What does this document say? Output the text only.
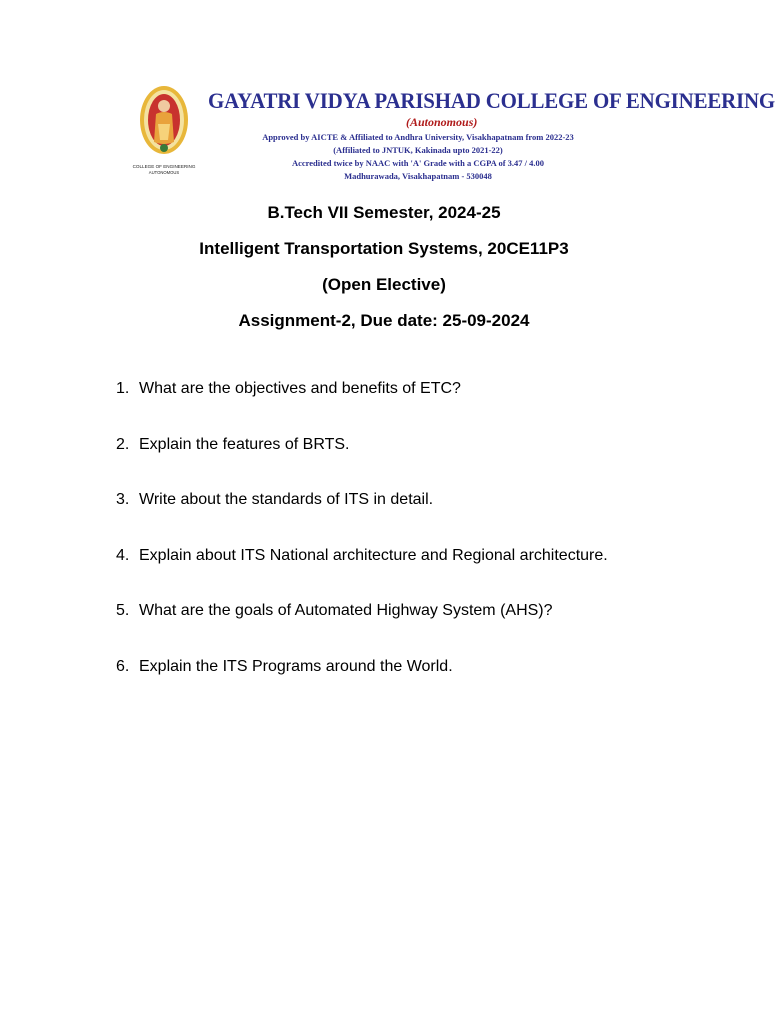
COLLEGE OF ENGINEERING
AUTONOMOUS
GAYATRI VIDYA PARISHAD COLLEGE OF ENGINEERING
(Autonomous)
Approved by AICTE & Affiliated to Andhra University, Visakhapatnam from 2022-23
(Affiliated to JNTUK, Kakinada upto 2021-22)
Accredited twice by NAAC with 'A' Grade with a CGPA of 3.47 / 4.00
Madhurawada, Visakhapatnam - 530048
B.Tech VII Semester, 2024-25
Intelligent Transportation Systems, 20CE11P3
(Open Elective)
Assignment-2, Due date: 25-09-2024
1. What are the objectives and benefits of ETC?
2. Explain the features of BRTS.
3. Write about the standards of ITS in detail.
4. Explain about ITS National architecture and Regional architecture.
5. What are the goals of Automated Highway System (AHS)?
6. Explain the ITS Programs around the World.
